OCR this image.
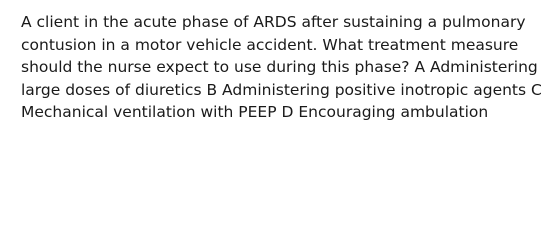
A client in the acute phase of ARDS after sustaining a pulmonary contusion in a motor vehicle accident. What treatment measure should the nurse expect to use during this phase? A Administering large doses of diuretics B Administering positive inotropic agents C Mechanical ventilation with PEEP D Encouraging ambulation
